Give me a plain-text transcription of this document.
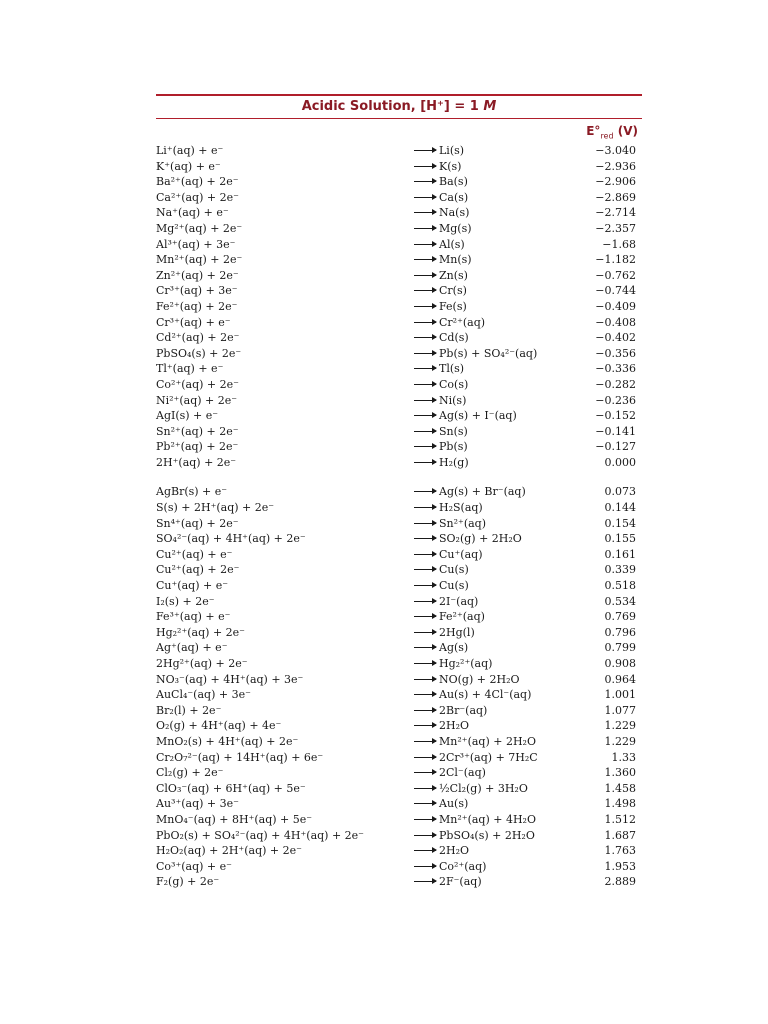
Acidic Solution, [H⁺] = 1 M
$E^\circ_{red}$ (V)
Li⁺(aq) + e⁻	→ Li(s)	−3.040
K⁺(aq) + e⁻	→ K(s)	−2.936
Ba²⁺(aq) + 2e⁻	→ Ba(s)	−2.906
Ca²⁺(aq) + 2e⁻	→ Ca(s)	−2.869
Na⁺(aq) + e⁻	→ Na(s)	−2.714
Mg²⁺(aq) + 2e⁻	→ Mg(s)	−2.357
Al³⁺(aq) + 3e⁻	→ Al(s)	−1.68
Mn²⁺(aq) + 2e⁻	→ Mn(s)	−1.182
Zn²⁺(aq) + 2e⁻	→ Zn(s)	−0.762
Cr³⁺(aq) + 3e⁻	→ Cr(s)	−0.744
Fe²⁺(aq) + 2e⁻	→ Fe(s)	−0.409
Cr³⁺(aq) + e⁻	→ Cr²⁺(aq)	−0.408
Cd²⁺(aq) + 2e⁻	→ Cd(s)	−0.402
PbSO₄(s) + 2e⁻	→ Pb(s) + SO₄²⁻(aq)	−0.356
Tl⁺(aq) + e⁻	→ Tl(s)	−0.336
Co²⁺(aq) + 2e⁻	→ Co(s)	−0.282
Ni²⁺(aq) + 2e⁻	→ Ni(s)	−0.236
AgI(s) + e⁻	→ Ag(s) + I⁻(aq)	−0.152
Sn²⁺(aq) + 2e⁻	→ Sn(s)	−0.141
Pb²⁺(aq) + 2e⁻	→ Pb(s)	−0.127
2H⁺(aq) + 2e⁻	→ H₂(g)	0.000
AgBr(s) + e⁻	→ Ag(s) + Br⁻(aq)	0.073
S(s) + 2H⁺(aq) + 2e⁻	→ H₂S(aq)	0.144
Sn⁴⁺(aq) + 2e⁻	→ Sn²⁺(aq)	0.154
SO₄²⁻(aq) + 4H⁺(aq) + 2e⁻	→ SO₂(g) + 2H₂O	0.155
Cu²⁺(aq) + e⁻	→ Cu⁺(aq)	0.161
Cu²⁺(aq) + 2e⁻	→ Cu(s)	0.339
Cu⁺(aq) + e⁻	→ Cu(s)	0.518
I₂(s) + 2e⁻	→ 2I⁻(aq)	0.534
Fe³⁺(aq) + e⁻	→ Fe²⁺(aq)	0.769
Hg₂²⁺(aq) + 2e⁻	→ 2Hg(l)	0.796
Ag⁺(aq) + e⁻	→ Ag(s)	0.799
2Hg²⁺(aq) + 2e⁻	→ Hg₂²⁺(aq)	0.908
NO₃⁻(aq) + 4H⁺(aq) + 3e⁻	→ NO(g) + 2H₂O	0.964
AuCl₄⁻(aq) + 3e⁻	→ Au(s) + 4Cl⁻(aq)	1.001
Br₂(l) + 2e⁻	→ 2Br⁻(aq)	1.077
O₂(g) + 4H⁺(aq) + 4e⁻	→ 2H₂O	1.229
MnO₂(s) + 4H⁺(aq) + 2e⁻	→ Mn²⁺(aq) + 2H₂O	1.229
Cr₂O₇²⁻(aq) + 14H⁺(aq) + 6e⁻	→ 2Cr³⁺(aq) + 7H₂C	1.33
Cl₂(g) + 2e⁻	→ 2Cl⁻(aq)	1.360
ClO₃⁻(aq) + 6H⁺(aq) + 5e⁻	→ ½Cl₂(g) + 3H₂O	1.458
Au³⁺(aq) + 3e⁻	→ Au(s)	1.498
MnO₄⁻(aq) + 8H⁺(aq) + 5e⁻	→ Mn²⁺(aq) + 4H₂O	1.512
PbO₂(s) + SO₄²⁻(aq) + 4H⁺(aq) + 2e⁻	→ PbSO₄(s) + 2H₂O	1.687
H₂O₂(aq) + 2H⁺(aq) + 2e⁻	→ 2H₂O	1.763
Co³⁺(aq) + e⁻	→ Co²⁺(aq)	1.953
F₂(g) + 2e⁻	→ 2F⁻(aq)	2.889
